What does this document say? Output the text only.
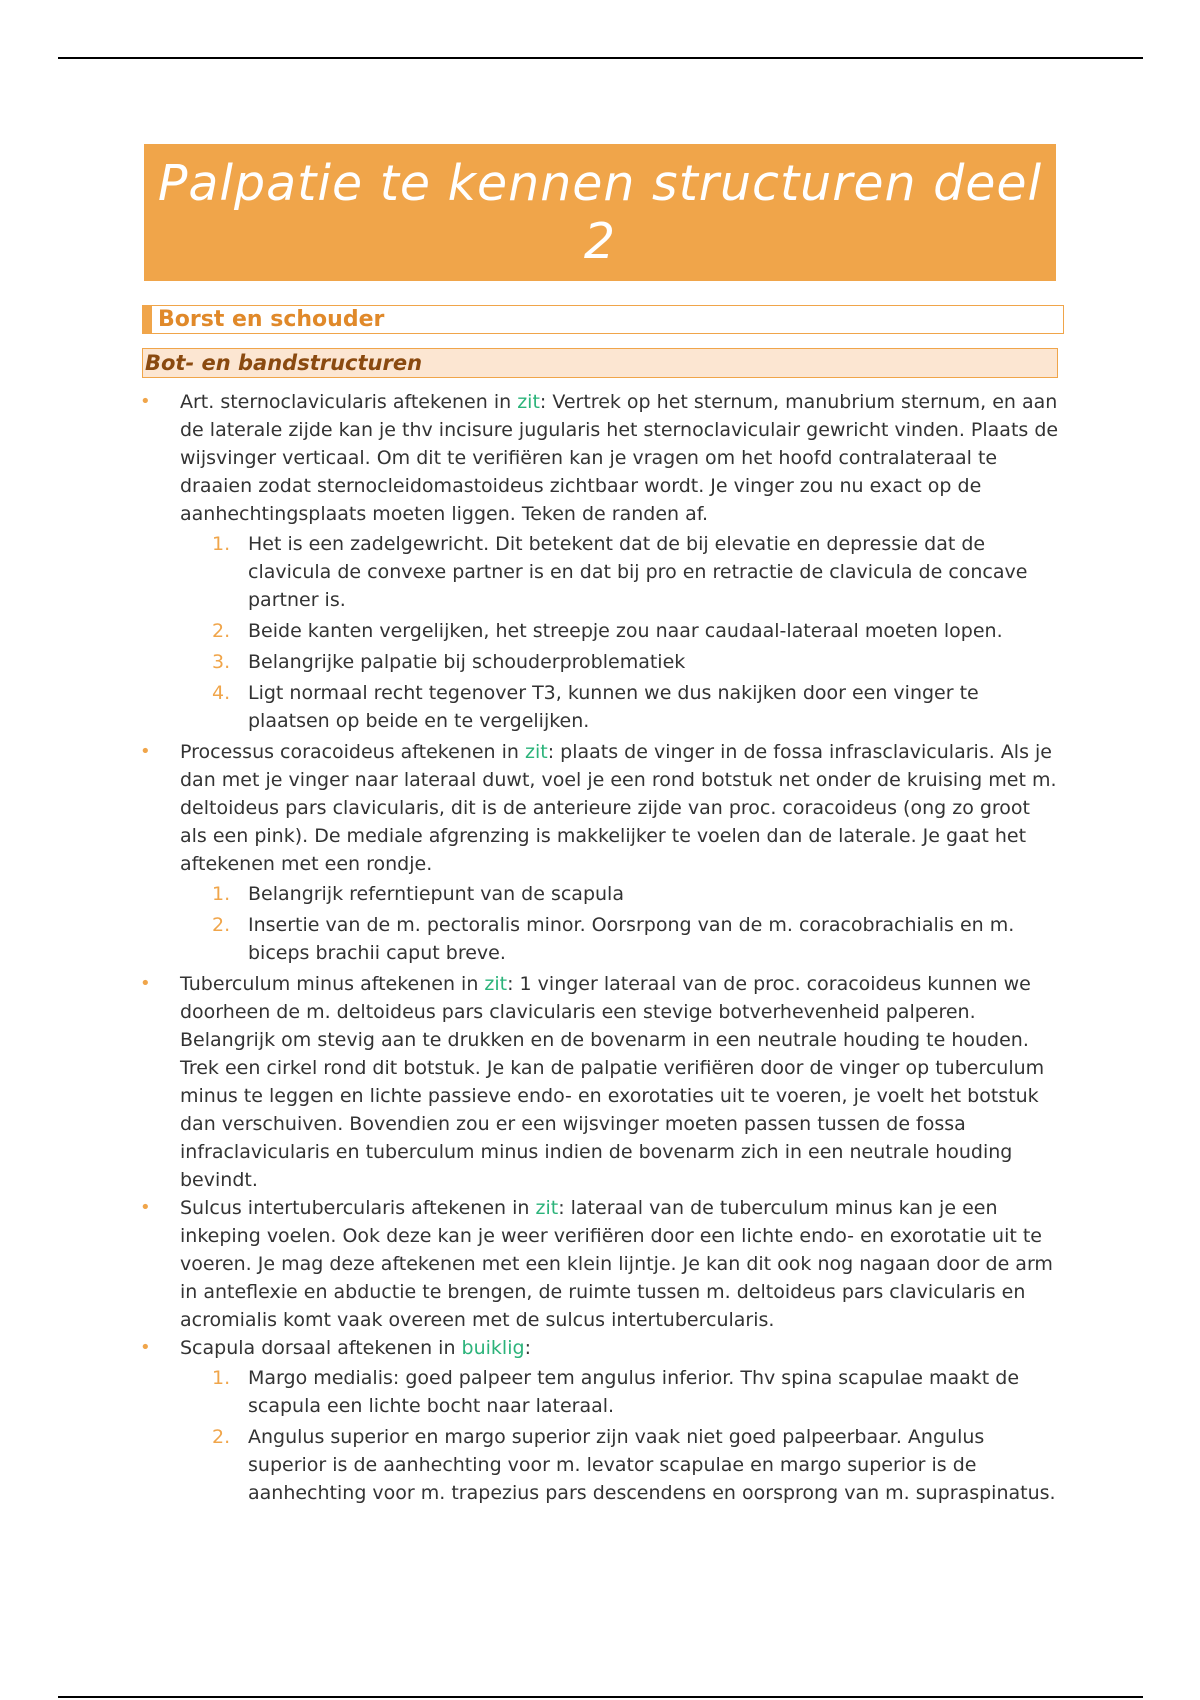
Palpatie te kennen structuren deel 2
Borst en schouder
Bot- en bandstructuren
• Art. sternoclavicularis aftekenen in zit: Vertrek op het sternum, manubrium sternum, en aan de laterale zijde kan je thv incisure jugularis het sternoclaviculair gewricht vinden. Plaats de wijsvinger verticaal. Om dit te verifiëren kan je vragen om het hoofd contralateraal te draaien zodat sternocleidomastoideus zichtbaar wordt. Je vinger zou nu exact op de aanhechtingsplaats moeten liggen. Teken de randen af.
1. Het is een zadelgewricht. Dit betekent dat de bij elevatie en depressie dat de clavicula de convexe partner is en dat bij pro en retractie de clavicula de concave partner is.
2. Beide kanten vergelijken, het streepje zou naar caudaal-lateraal moeten lopen.
3. Belangrijke palpatie bij schouderproblematiek
4. Ligt normaal recht tegenover T3, kunnen we dus nakijken door een vinger te plaatsen op beide en te vergelijken.
• Processus coracoideus aftekenen in zit: plaats de vinger in de fossa infrasclavicularis. Als je dan met je vinger naar lateraal duwt, voel je een rond botstuk net onder de kruising met m. deltoideus pars clavicularis, dit is de anterieure zijde van proc. coracoideus (ong zo groot als een pink). De mediale afgrenzing is makkelijker te voelen dan de laterale. Je gaat het aftekenen met een rondje.
1. Belangrijk referntiepunt van de scapula
2. Insertie van de m. pectoralis minor. Oorsrpong van de m. coracobrachialis en m. biceps brachii caput breve.
• Tuberculum minus aftekenen in zit: 1 vinger lateraal van de proc. coracoideus kunnen we doorheen de m. deltoideus pars clavicularis een stevige botverhevenheid palperen. Belangrijk om stevig aan te drukken en de bovenarm in een neutrale houding te houden. Trek een cirkel rond dit botstuk. Je kan de palpatie verifiëren door de vinger op tuberculum minus te leggen en lichte passieve endo- en exorotaties uit te voeren, je voelt het botstuk dan verschuiven. Bovendien zou er een wijsvinger moeten passen tussen de fossa infraclavicularis en tuberculum minus indien de bovenarm zich in een neutrale houding bevindt.
• Sulcus intertubercularis aftekenen in zit: lateraal van de tuberculum minus kan je een inkeping voelen. Ook deze kan je weer verifiëren door een lichte endo- en exorotatie uit te voeren. Je mag deze aftekenen met een klein lijntje. Je kan dit ook nog nagaan door de arm in anteflexie en abductie te brengen, de ruimte tussen m. deltoideus pars clavicularis en acromialis komt vaak overeen met de sulcus intertubercularis.
• Scapula dorsaal aftekenen in buiklig:
1. Margo medialis: goed palpeer tem angulus inferior. Thv spina scapulae maakt de scapula een lichte bocht naar lateraal.
2. Angulus superior en margo superior zijn vaak niet goed palpeerbaar. Angulus superior is de aanhechting voor m. levator scapulae en margo superior is de aanhechting voor m. trapezius pars descendens en oorsprong van m. supraspinatus.
